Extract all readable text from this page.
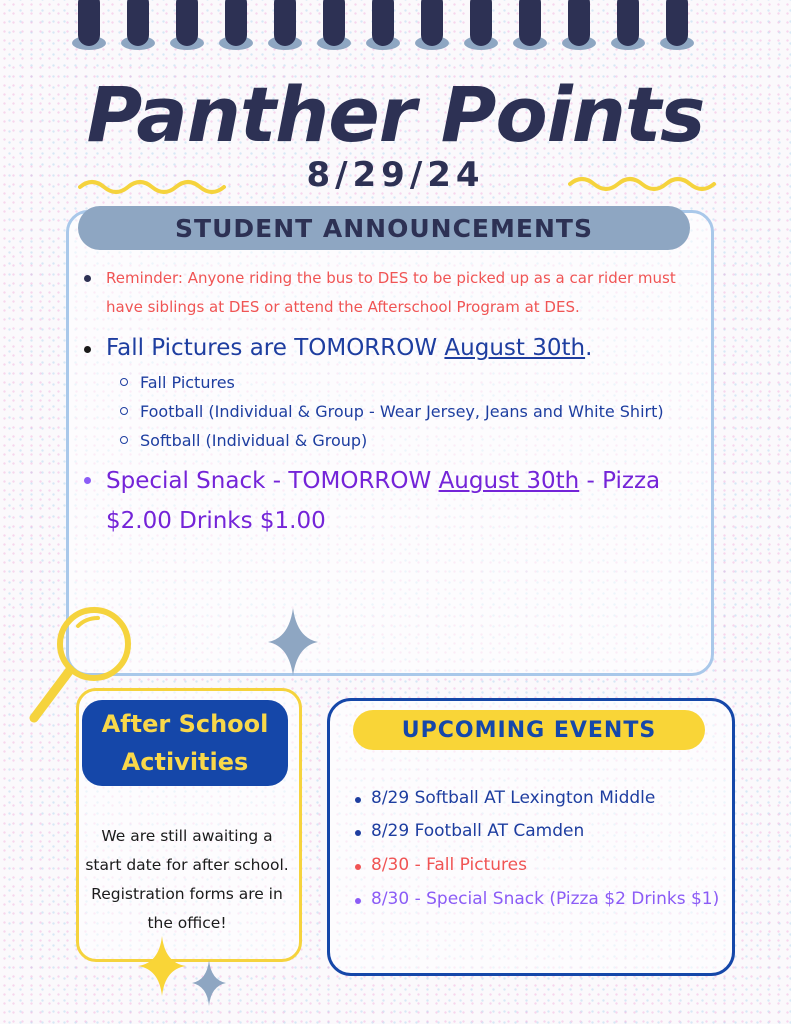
Panther Points
8/29/24
STUDENT ANNOUNCEMENTS
Reminder: Anyone riding the bus to DES to be picked up as a car rider must have siblings at DES or attend the Afterschool Program at DES.
Fall Pictures are TOMORROW August 30th.
Fall Pictures
Football (Individual & Group - Wear Jersey, Jeans and White Shirt)
Softball (Individual & Group)
Special Snack - TOMORROW August 30th - Pizza $2.00 Drinks $1.00
After School
Activities
We are still awaiting a start date for after school. Registration forms are in the office!
UPCOMING EVENTS
8/29 Softball AT Lexington Middle
8/29 Football AT Camden
8/30 - Fall Pictures
8/30 - Special Snack (Pizza $2 Drinks $1)
